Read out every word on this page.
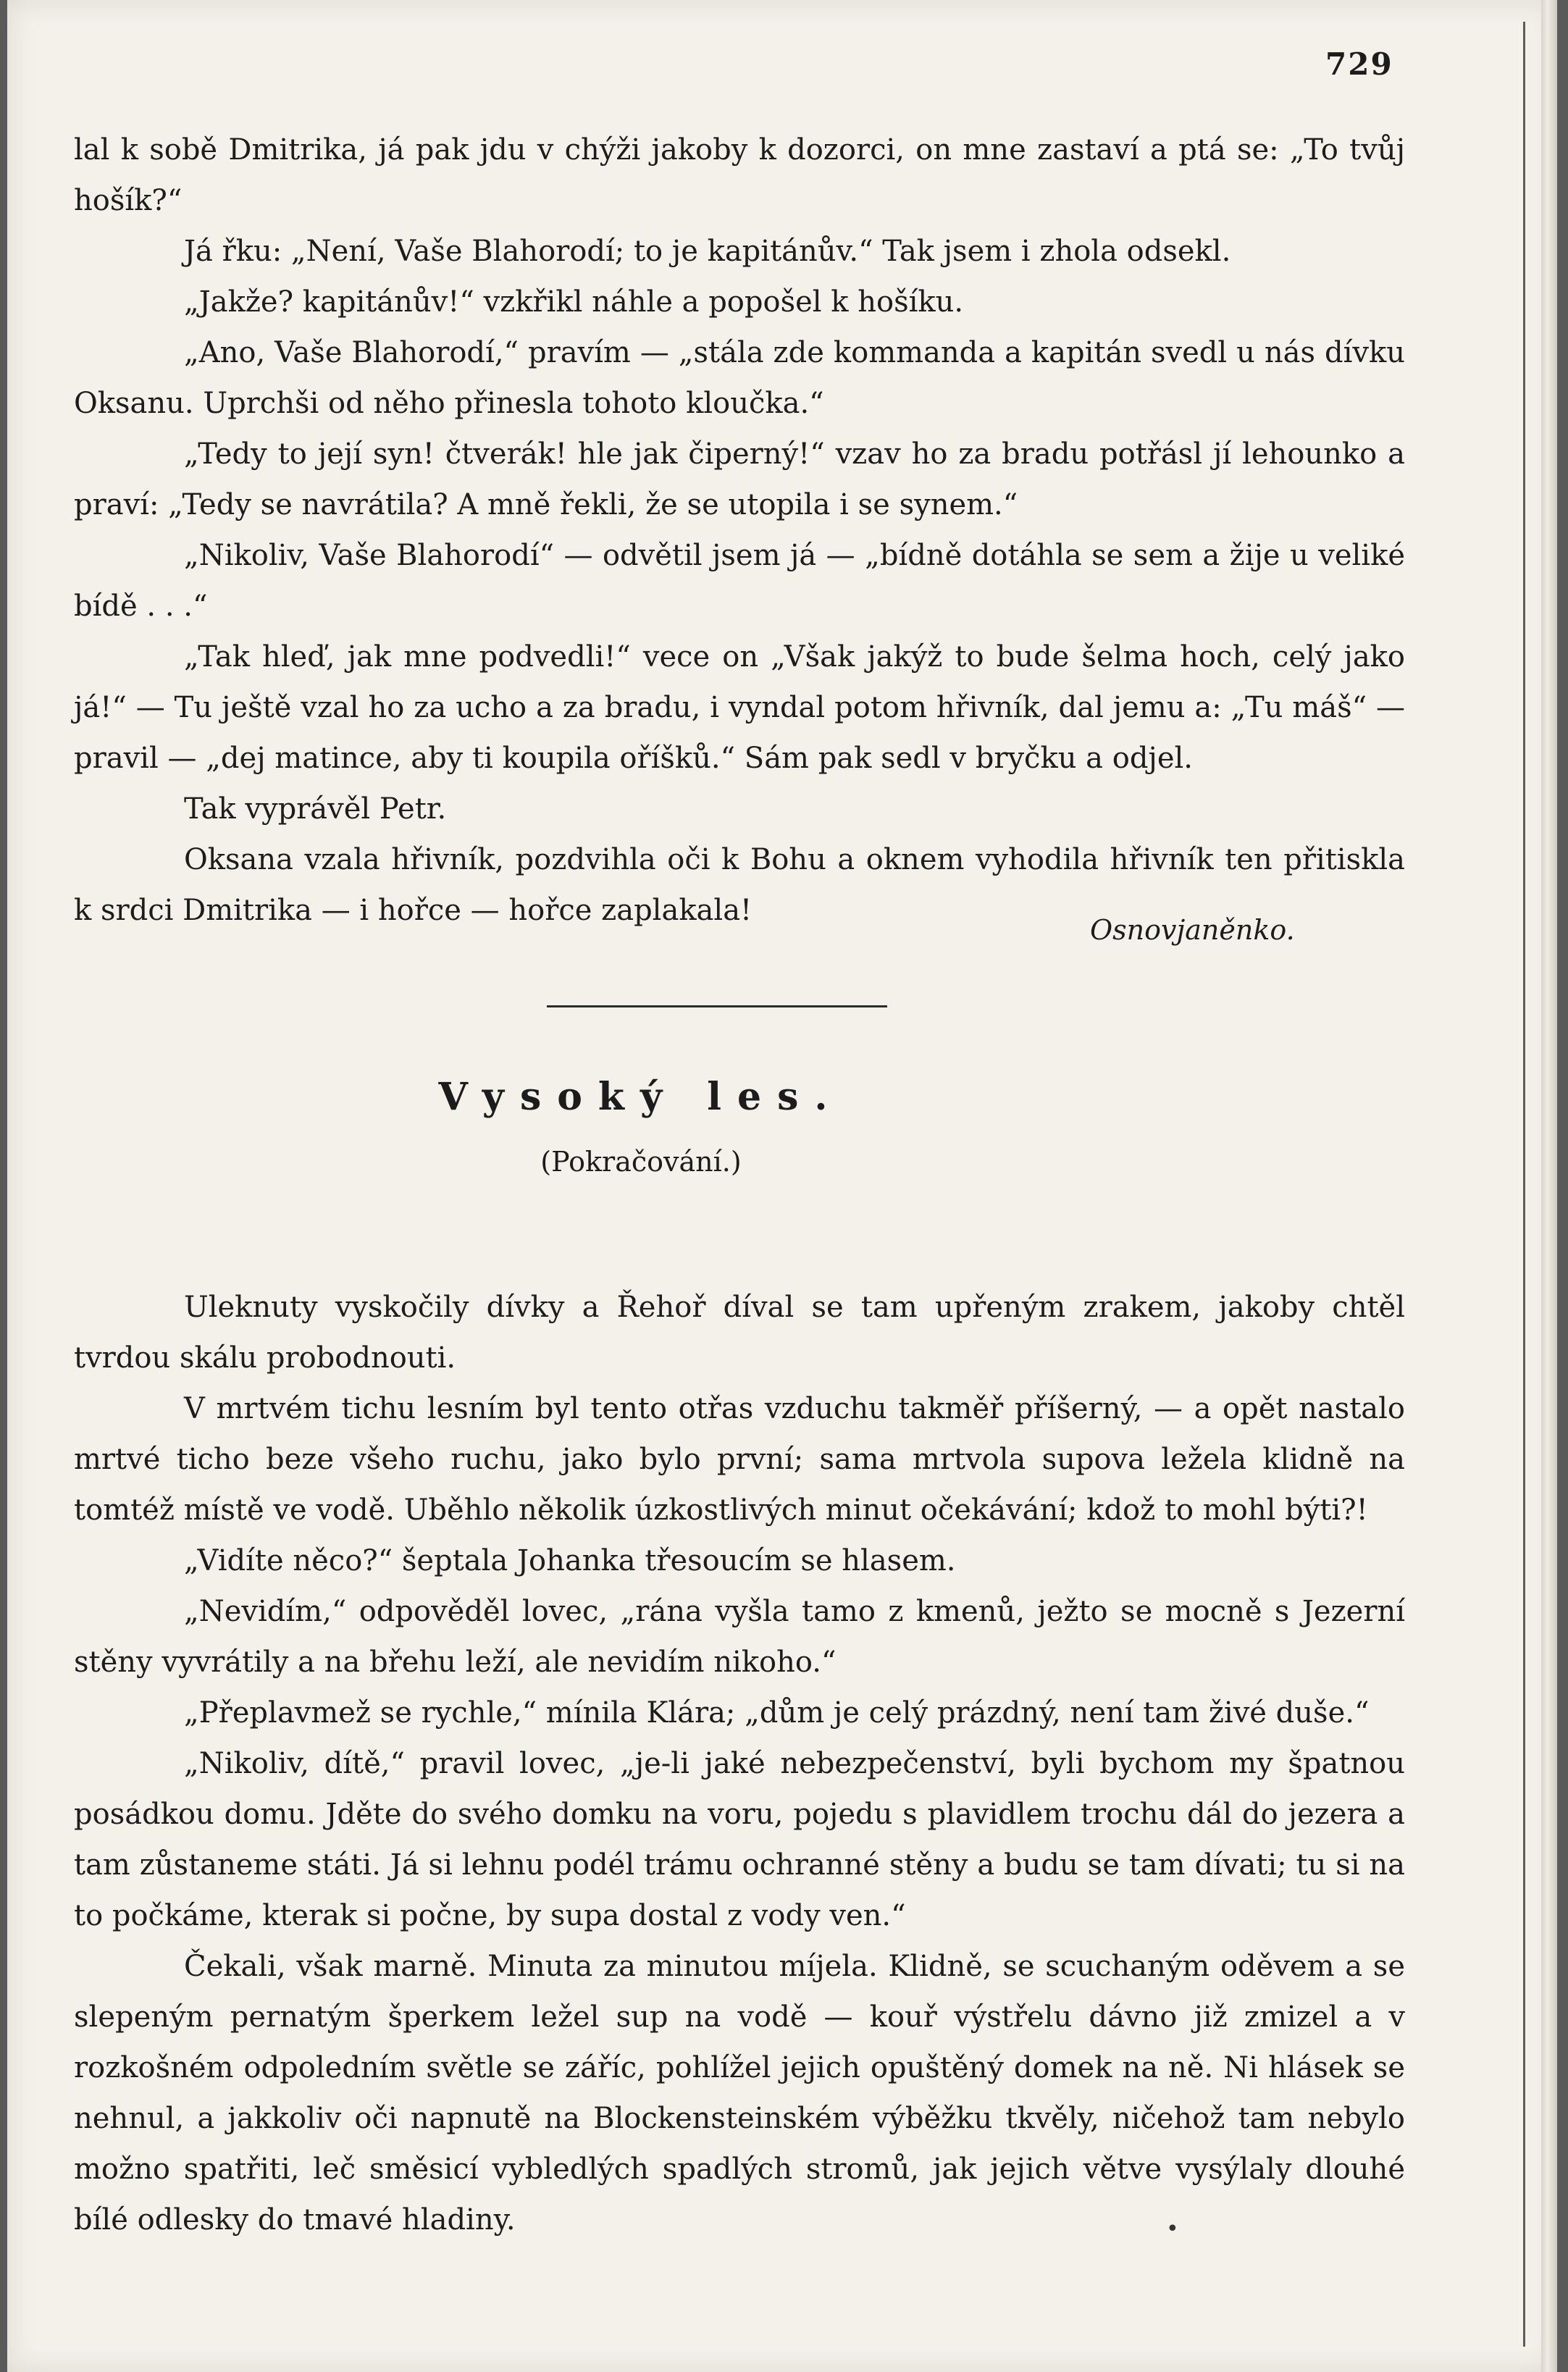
729

lal k sobě Dmitrika, já pak jdu v chýži jakoby k dozorci, on mne zastaví a ptá se: „To tvůj hošík?“

Já řku: „Není, Vaše Blahorodí; to je kapitánův.“ Tak jsem i zhola odsekl.

„Jakže? kapitánův!“ vzkřikl náhle a popošel k hošíku.

„Ano, Vaše Blahorodí,“ pravím — „stála zde kommanda a kapitán svedl u nás dívku Oksanu. Uprchši od něho přinesla tohoto kloučka.“

„Tedy to její syn! čtverák! hle jak čiperný!“ vzav ho za bradu potřásl jí lehounko a praví: „Tedy se navrátila? A mně řekli, že se utopila i se synem.“

„Nikoliv, Vaše Blahorodí“ — odvětil jsem já — „bídně dotáhla se sem a žije u veliké bídě . . .“

„Tak hleď, jak mne podvedli!“ vece on „Však jakýž to bude šelma hoch, celý jako já!“ — Tu ještě vzal ho za ucho a za bradu, i vyndal potom hřivník, dal jemu a: „Tu máš“ — pravil — „dej matince, aby ti koupila oříšků.“ Sám pak sedl v bryčku a odjel.

Tak vyprávěl Petr.

Oksana vzala hřivník, pozdvihla oči k Bohu a oknem vyhodila hřivník ten přitiskla k srdci Dmitrika — i hořce — hořce zaplakala!

Osnovjaněnko.
Vysoký les.
(Pokračování.)

Uleknuty vyskočily dívky a Řehoř díval se tam upřeným zrakem, jakoby chtěl tvrdou skálu probodnouti.

V mrtvém tichu lesním byl tento otřas vzduchu takměř příšerný, — a opět nastalo mrtvé ticho beze všeho ruchu, jako bylo první; sama mrtvola supova ležela klidně na tomtéž místě ve vodě. Uběhlo několik úzkostlivých minut očekávání; kdož to mohl býti?!

„Vidíte něco?“ šeptala Johanka třesoucím se hlasem.

„Nevidím,“ odpověděl lovec, „rána vyšla tamo z kmenů, ježto se mocně s Jezerní stěny vyvrátily a na břehu leží, ale nevidím nikoho.“

„Přeplavmež se rychle,“ mínila Klára; „dům je celý prázdný, není tam živé duše.“

„Nikoliv, dítě,“ pravil lovec, „je-li jaké nebezpečenství, byli bychom my špatnou posádkou domu. Jděte do svého domku na voru, pojedu s plavidlem trochu dál do jezera a tam zůstaneme státi. Já si lehnu podél trámu ochranné stěny a budu se tam dívati; tu si na to počkáme, kterak si počne, by supa dostal z vody ven.“

Čekali, však marně. Minuta za minutou míjela. Klidně, se scuchaným oděvem a se slepeným pernatým šperkem ležel sup na vodě — kouř výstřelu dávno již zmizel a v rozkošném odpoledním světle se záříc, pohlížel jejich opuštěný domek na ně. Ni hlásek se nehnul, a jakkoliv oči napnutě na Blockensteinském výběžku tkvěly, ničehož tam nebylo možno spatřiti, leč směsicí vybledlých spadlých stromů, jak jejich větve vysýlaly dlouhé bílé odlesky do tmavé hladiny.	•
